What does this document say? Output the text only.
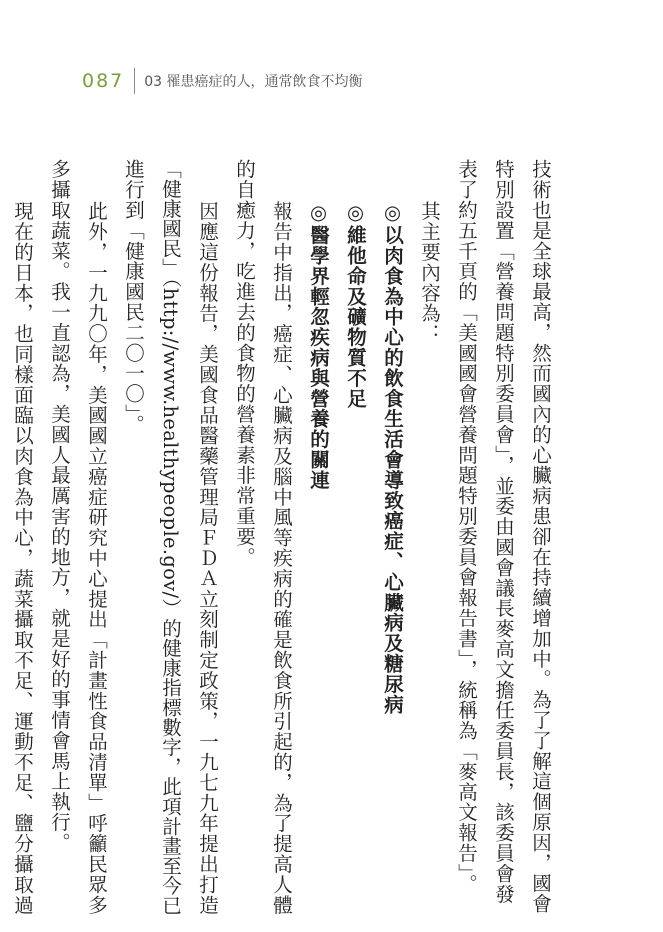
087	03 罹患癌症的人，通常飲食不均衡
技術也是全球最高，然而國內的心臟病患卻在持續增加中。為了了解這個原因，國會
特別設置「營養問題特別委員會」，並委由國會議長麥高文擔任委員長，該委員會發
表了約五千頁的「美國國會營養問題特別委員會報告書」，統稱為「麥高文報告」。
其主要內容為：
◎以肉食為中心的飲食生活會導致癌症、心臟病及糖尿病
◎維他命及礦物質不足
◎醫學界輕忽疾病與營養的關連
報告中指出，癌症、心臟病及腦中風等疾病的確是飲食所引起的，為了提高人體
的自癒力，吃進去的食物的營養素非常重要。
因應這份報告，美國食品醫藥管理局ＦＤＡ立刻制定政策，一九七九年提出打造
「健康國民」（http://www.healthypeople.gov/）的健康指標數字，此項計畫至今已
進行到「健康國民二〇一〇」。
此外，一九九〇年，美國國立癌症研究中心提出「計畫性食品清單」呼籲民眾多
多攝取蔬菜。我一直認為，美國人最厲害的地方，就是好的事情會馬上執行。
現在的日本，也同樣面臨以肉食為中心，蔬菜攝取不足、運動不足、鹽分攝取過
